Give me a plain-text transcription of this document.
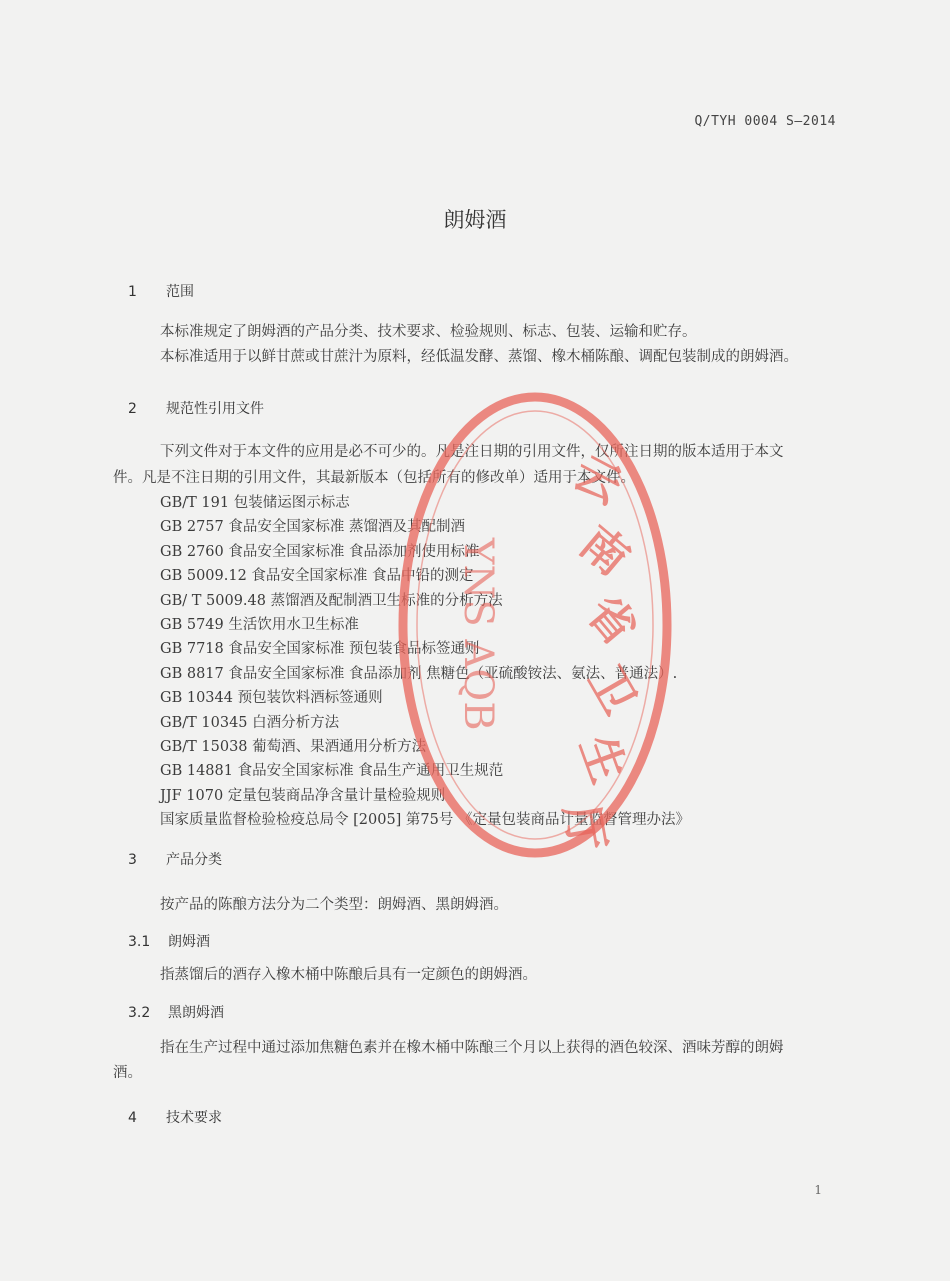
Q/TYH 0004 S—2014
朗姆酒
1 范围
本标准规定了朗姆酒的产品分类、技术要求、检验规则、标志、包装、运输和贮存。
本标准适用于以鲜甘蔗或甘蔗汁为原料，经低温发酵、蒸馏、橡木桶陈酿、调配包装制成的朗姆酒。
2 规范性引用文件
下列文件对于本文件的应用是必不可少的。凡是注日期的引用文件，仅所注日期的版本适用于本文
件。凡是不注日期的引用文件，其最新版本（包括所有的修改单）适用于本文件。
GB/T 191 包装储运图示标志
GB 2757 食品安全国家标准 蒸馏酒及其配制酒
GB 2760 食品安全国家标准 食品添加剂使用标准
GB 5009.12 食品安全国家标准 食品中铅的测定
GB/ T 5009.48 蒸馏酒及配制酒卫生标准的分析方法
GB 5749 生活饮用水卫生标准
GB 7718 食品安全国家标准 预包装食品标签通则
GB 8817 食品安全国家标准 食品添加剂 焦糖色（亚硫酸铵法、氨法、普通法）.
GB 10344 预包装饮料酒标签通则
GB/T 10345 白酒分析方法
GB/T 15038 葡萄酒、果酒通用分析方法
GB 14881 食品安全国家标准 食品生产通用卫生规范
JJF 1070 定量包装商品净含量计量检验规则
国家质量监督检验检疫总局令 [2005] 第75号 《定量包装商品计量监督管理办法》
3 产品分类
按产品的陈酿方法分为二个类型：朗姆酒、黑朗姆酒。
3.1 朗姆酒
指蒸馏后的酒存入橡木桶中陈酿后具有一定颜色的朗姆酒。
3.2 黑朗姆酒
指在生产过程中通过添加焦糖色素并在橡木桶中陈酿三个月以上获得的酒色较深、酒味芳醇的朗姆
酒。
4 技术要求
1
云
南
省
卫
生
厅
YNS AQB
